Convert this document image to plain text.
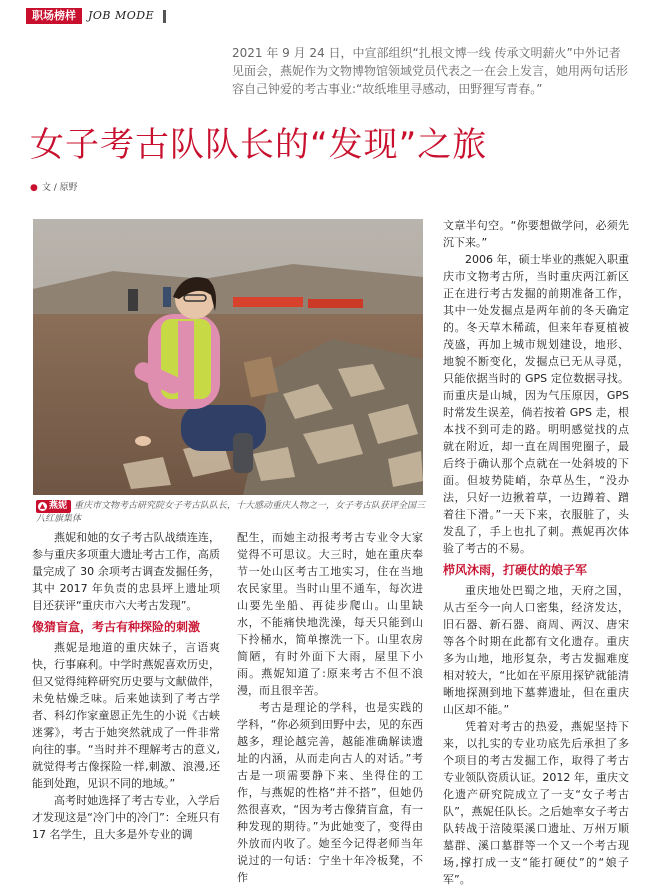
职场榜样	JOB MODE
2021 年 9 月 24 日，中宣部组织“扎根文博一线 传承文明薪火”中外记者见面会，燕妮作为文物博物馆领域党员代表之一在会上发言，她用两句话形容自己钟爱的考古事业:“故纸堆里寻感动，田野狸写青春。”
女子考古队队长的“发现”之旅
● 文 / 原野
▲ 燕妮 重庆市文物考古研究院女子考古队队长，十大感动重庆人物之一，女子考古队获评全国三八红旗集体

燕妮和她的女子考古队战绩连连，参与重庆多项重大遗址考古工作，高质量完成了 30 余项考古调查发掘任务，其中 2017 年负责的忠县坪上遗址项目还获评“重庆市六大考古发现”。

像猜盲盒，考古有种探险的刺激

燕妮是地道的重庆妹子，言语爽快，行事麻利。中学时燕妮喜欢历史，但又觉得纯粹研究历史要与文献做伴，未免枯燥乏味。后来她读到了考古学者、科幻作家童恩正先生的小说《古峡迷雾》，考古于她突然就成了一件非常向往的事。“当时并不理解考古的意义,就觉得考古像探险一样,刺激、浪漫,还能到处跑，见识不同的地域。”

高考时她选择了考古专业，入学后才发现这是“冷门中的冷门”：全班只有 17 名学生，且大多是外专业的调

配生，而她主动报考考古专业令大家觉得不可思议。大三时，她在重庆奉节一处山区考古工地实习，住在当地农民家里。当时山里不通车，每次进山要先坐船、再徒步爬山。山里缺水，不能痛快地洗澡，每天只能到山下拎桶水，简单擦洗一下。山里农房简陋，有时外面下大雨，屋里下小雨。燕妮知道了:原来考古不但不浪漫，而且很辛苦。

考古是理论的学科，也是实践的学科，“你必须到田野中去，见的东西越多，理论越完善，越能准确解读遗址的内涵，从而走向古人的对话。”考古是一项需要静下来、坐得住的工作，与燕妮的性格“并不搭”，但她仍然很喜欢，“因为考古像猜盲盒，有一种发现的期待。”为此她变了，变得由外放而内收了。她至今记得老师当年说过的一句话：宁坐十年冷板凳，不作

文章半句空。“你要想做学问，必须先沉下来。”

2006 年，硕士毕业的燕妮入职重庆市文物考古所，当时重庆两江新区正在进行考古发掘的前期准备工作，其中一处发掘点是两年前的冬天确定的。冬天草木稀疏，但来年春夏植被茂盛，再加上城市规划建设，地形、地貌不断变化，发掘点已无从寻觅，只能依据当时的 GPS 定位数据寻找。而重庆是山城，因为气压原因，GPS 时常发生误差，倘若按着 GPS 走，根本找不到可走的路。明明感觉找的点就在附近，却一直在周围兜圈子，最后终于确认那个点就在一处斜坡的下面。但坡势陡峭，杂草丛生，“没办法，只好一边揪着草，一边蹲着、蹭着往下滑。”一天下来，衣服脏了，头发乱了，手上也扎了刺。燕妮再次体验了考古的不易。

栉风沐雨，打硬仗的娘子军

重庆地处巴蜀之地，天府之国，从古至今一向人口密集，经济发达，旧石器、新石器、商周、两汉、唐宋等各个时期在此都有文化遗存。重庆多为山地，地形复杂，考古发掘难度相对较大，“比如在平原用探铲就能清晰地探测到地下墓葬遗址，但在重庆山区却不能。”

凭着对考古的热爱，燕妮坚持下来，以扎实的专业功底先后承担了多个项目的考古发掘工作，取得了考古专业领队资质认证。2012 年，重庆文化遗产研究院成立了一支“女子考古队”，燕妮任队长。之后她率女子考古队转战于涪陵渠溪口遗址、万州万顺墓群、溪口墓群等一个又一个考古现场,撑打成一支“能打硬仗”的“娘子军”。
